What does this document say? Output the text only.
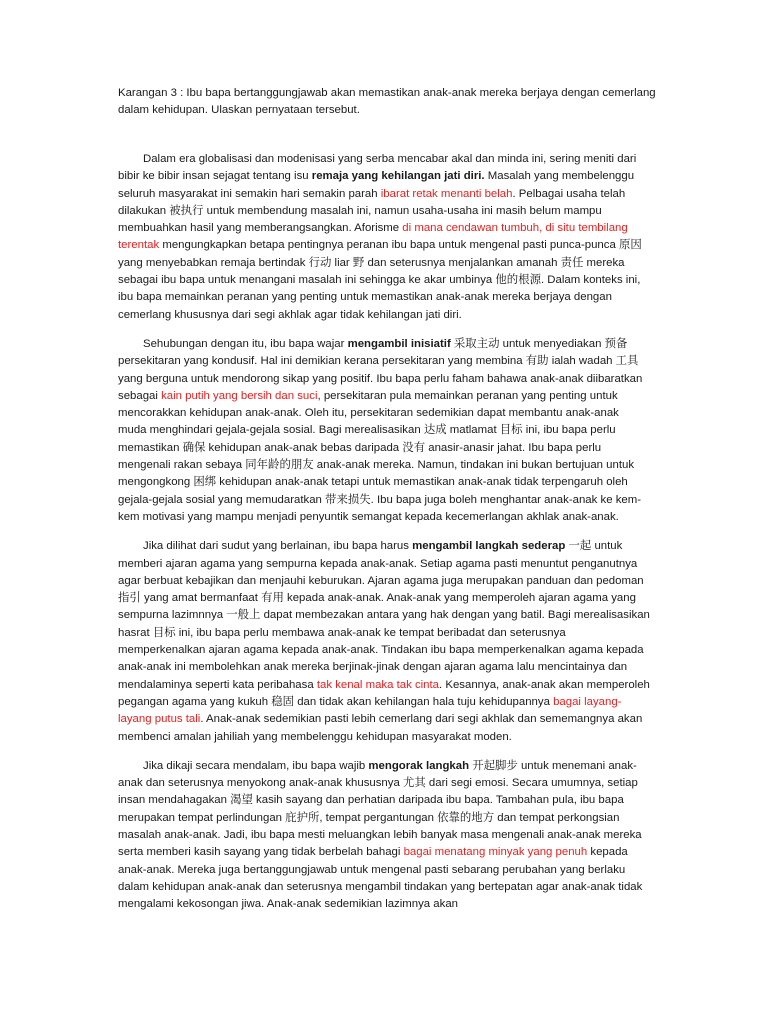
Karangan 3 : Ibu bapa bertanggungjawab akan memastikan anak-anak mereka berjaya dengan cemerlang dalam kehidupan. Ulaskan pernyataan tersebut.

Dalam era globalisasi dan modenisasi yang serba mencabar akal dan minda ini, sering meniti dari bibir ke bibir insan sejagat tentang isu remaja yang kehilangan jati diri. Masalah yang membelenggu seluruh masyarakat ini semakin hari semakin parah ibarat retak menanti belah. Pelbagai usaha telah dilakukan 被执行 untuk membendung masalah ini, namun usaha-usaha ini masih belum mampu membuahkan hasil yang memberangsangkan. Aforisme di mana cendawan tumbuh, di situ tembilang terentak mengungkapkan betapa pentingnya peranan ibu bapa untuk mengenal pasti punca-punca 原因 yang menyebabkan remaja bertindak 行动 liar 野 dan seterusnya menjalankan amanah 责任 mereka sebagai ibu bapa untuk menangani masalah ini sehingga ke akar umbinya 他的根源. Dalam konteks ini, ibu bapa memainkan peranan yang penting untuk memastikan anak-anak mereka berjaya dengan cemerlang khususnya dari segi akhlak agar tidak kehilangan jati diri.

Sehubungan dengan itu, ibu bapa wajar mengambil inisiatif 采取主动 untuk menyediakan 预备 persekitaran yang kondusif. Hal ini demikian kerana persekitaran yang membina 有助 ialah wadah 工具 yang berguna untuk mendorong sikap yang positif. Ibu bapa perlu faham bahawa anak-anak diibaratkan sebagai kain putih yang bersih dan suci, persekitaran pula memainkan peranan yang penting untuk mencorakkan kehidupan anak-anak. Oleh itu, persekitaran sedemikian dapat membantu anak-anak muda menghindari gejala-gejala sosial. Bagi merealisasikan 达成 matlamat 目标 ini, ibu bapa perlu memastikan 确保 kehidupan anak-anak bebas daripada 没有 anasir-anasir jahat. Ibu bapa perlu mengenali rakan sebaya 同年龄的朋友 anak-anak mereka. Namun, tindakan ini bukan bertujuan untuk mengongkong 困绑 kehidupan anak-anak tetapi untuk memastikan anak-anak tidak terpengaruh oleh gejala-gejala sosial yang memudaratkan 带来损失. Ibu bapa juga boleh menghantar anak-anak ke kem-kem motivasi yang mampu menjadi penyuntik semangat kepada kecemerlangan akhlak anak-anak.

Jika dilihat dari sudut yang berlainan, ibu bapa harus mengambil langkah sederap 一起 untuk memberi ajaran agama yang sempurna kepada anak-anak. Setiap agama pasti menuntut penganutnya agar berbuat kebajikan dan menjauhi keburukan. Ajaran agama juga merupakan panduan dan pedoman 指引 yang amat bermanfaat 有用 kepada anak-anak. Anak-anak yang memperoleh ajaran agama yang sempurna lazimnnya 一般上 dapat membezakan antara yang hak dengan yang batil. Bagi merealisasikan hasrat 目标 ini, ibu bapa perlu membawa anak-anak ke tempat beribadat dan seterusnya memperkenalkan ajaran agama kepada anak-anak. Tindakan ibu bapa memperkenalkan agama kepada anak-anak ini membolehkan anak mereka berjinak-jinak dengan ajaran agama lalu mencintainya dan mendalaminya seperti kata peribahasa tak kenal maka tak cinta. Kesannya, anak-anak akan memperoleh pegangan agama yang kukuh 稳固 dan tidak akan kehilangan hala tuju kehidupannya bagai layang-layang putus tali. Anak-anak sedemikian pasti lebih cemerlang dari segi akhlak dan sememangnya akan membenci amalan jahiliah yang membelenggu kehidupan masyarakat moden.

Jika dikaji secara mendalam, ibu bapa wajib mengorak langkah 开起脚步 untuk menemani anak-anak dan seterusnya menyokong anak-anak khususnya 尤其 dari segi emosi. Secara umumnya, setiap insan mendahagakan 渴望 kasih sayang dan perhatian daripada ibu bapa. Tambahan pula, ibu bapa merupakan tempat perlindungan 庇护所, tempat pergantungan 依靠的地方 dan tempat perkongsian masalah anak-anak. Jadi, ibu bapa mesti meluangkan lebih banyak masa mengenali anak-anak mereka serta memberi kasih sayang yang tidak berbelah bahagi bagai menatang minyak yang penuh kepada anak-anak. Mereka juga bertanggungjawab untuk mengenal pasti sebarang perubahan yang berlaku dalam kehidupan anak-anak dan seterusnya mengambil tindakan yang bertepatan agar anak-anak tidak mengalami kekosongan jiwa. Anak-anak sedemikian lazimnya akan
